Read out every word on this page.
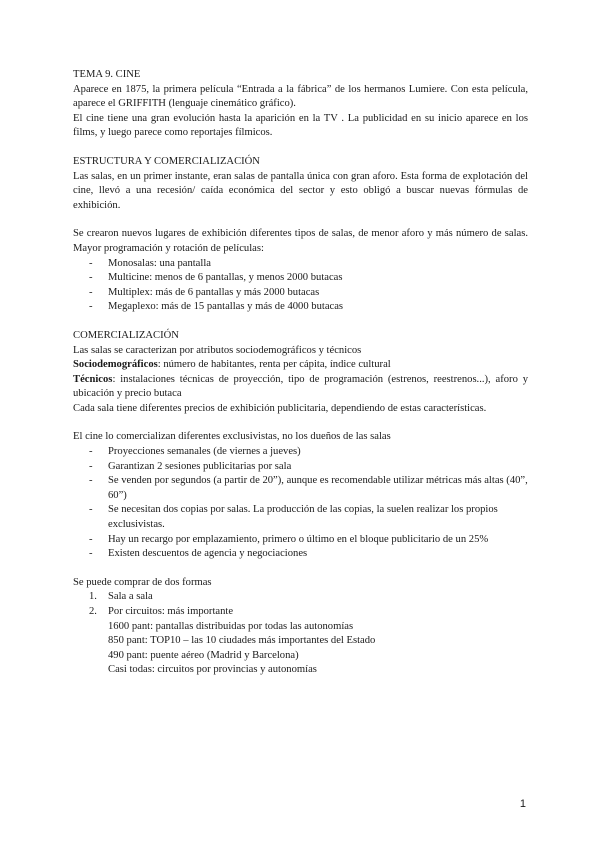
TEMA 9. CINE

Aparece en 1875, la primera película “Entrada a la fábrica” de los hermanos Lumiere. Con esta película, aparece el GRIFFITH (lenguaje cinemático gráfico).

El cine tiene una gran evolución hasta la aparición en la TV . La publicidad en su inicio aparece en los films, y luego parece como reportajes fílmicos.

ESTRUCTURA Y COMERCIALIZACIÓN

Las salas, en un primer instante, eran salas de pantalla única con gran aforo. Esta forma de explotación del cine, llevó a una recesión/ caída económica del sector y esto obligó a buscar nuevas fórmulas de exhibición.

Se crearon nuevos lugares de exhibición diferentes tipos de salas, de menor aforo y más número de salas. Mayor programación y rotación de películas:

- Monosalas: una pantalla
- Multicine: menos de 6 pantallas, y menos 2000 butacas
- Multiplex: más de 6 pantallas y más 2000 butacas
- Megaplexo: más de 15 pantallas y más de 4000 butacas

COMERCIALIZACIÓN

Las salas se caracterizan por atributos sociodemográficos y técnicos

Sociodemográficos: número de habitantes, renta per cápita, índice cultural

Técnicos: instalaciones técnicas de proyección, tipo de programación (estrenos, reestrenos...), aforo y ubicación y precio butaca

Cada sala tiene diferentes precios de exhibición publicitaria, dependiendo de estas características.

El cine lo comercializan diferentes exclusivistas, no los dueños de las salas

- Proyecciones semanales (de viernes a jueves)
- Garantizan 2 sesiones publicitarias por sala
- Se venden por segundos (a partir de 20”), aunque es recomendable utilizar métricas más altas (40”, 60”)
- Se necesitan dos copias por salas. La producción de las copias, la suelen realizar los propios exclusivistas.
- Hay un recargo por emplazamiento, primero o último en el bloque publicitario de un 25%
- Existen descuentos de agencia y negociaciones

Se puede comprar de dos formas

1. Sala a sala
2. Por circuitos: más importante

1600 pant: pantallas distribuidas por todas las autonomías

850 pant: TOP10 – las 10 ciudades más importantes del Estado

490 pant: puente aéreo (Madrid y Barcelona)

Casi todas: circuitos por provincias y autonomías

1
